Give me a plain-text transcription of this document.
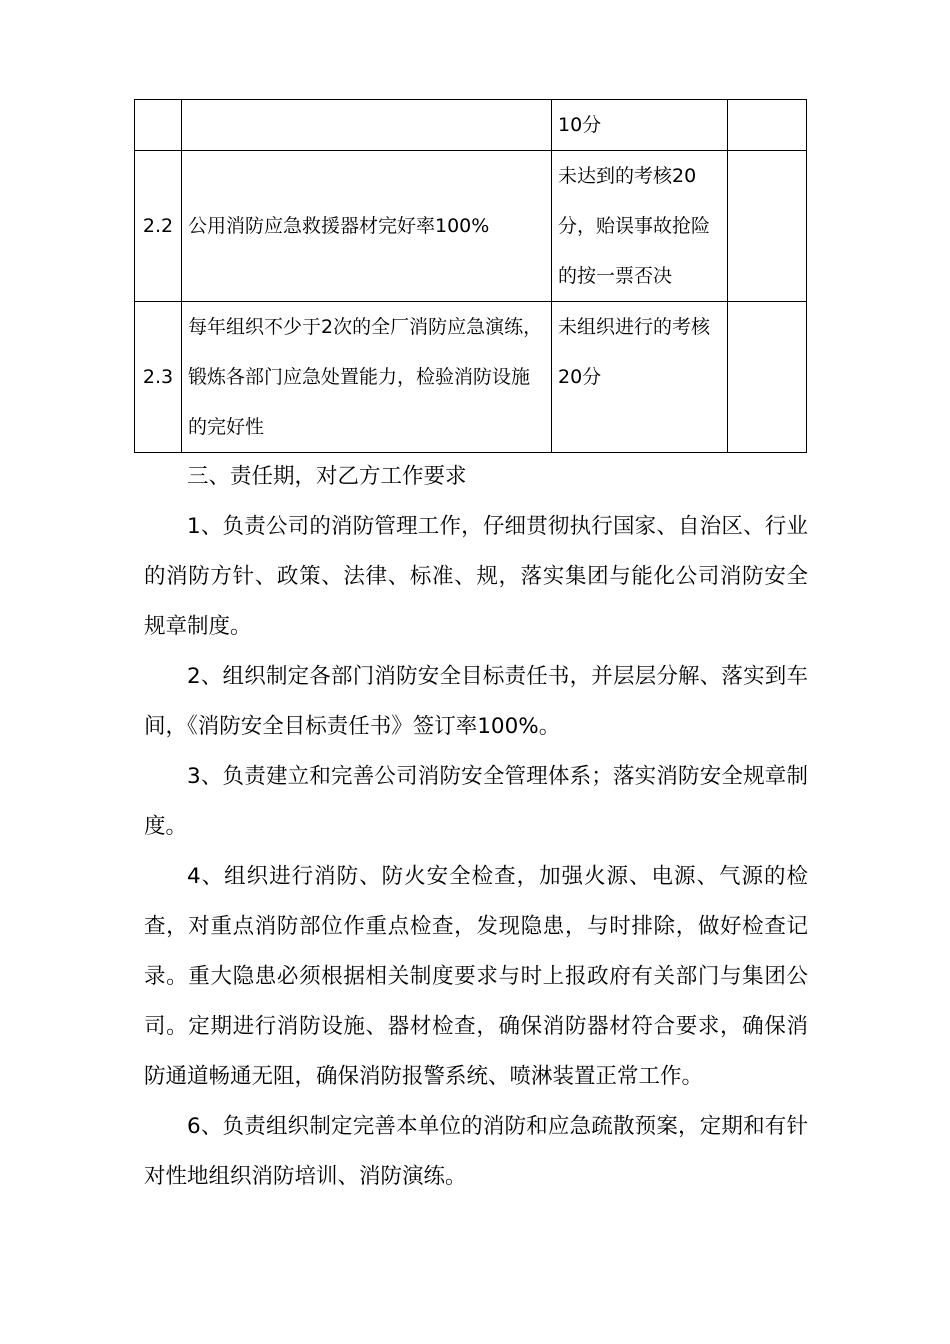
		10分	
2.2	公用消防应急救援器材完好率100%	未达到的考核20分，贻误事故抢险的按一票否决	
2.3	每年组织不少于2次的全厂消防应急演练，锻炼各部门应急处置能力，检验消防设施的完好性	未组织进行的考核20分	

三、责任期，对乙方工作要求

1、负责公司的消防管理工作，仔细贯彻执行国家、自治区、行业的消防方针、政策、法律、标准、规，落实集团与能化公司消防安全规章制度。

2、组织制定各部门消防安全目标责任书，并层层分解、落实到车间，《消防安全目标责任书》签订率100%。

3、负责建立和完善公司消防安全管理体系；落实消防安全规章制度。

4、组织进行消防、防火安全检查，加强火源、电源、气源的检查，对重点消防部位作重点检查，发现隐患，与时排除，做好检查记录。重大隐患必须根据相关制度要求与时上报政府有关部门与集团公司。定期进行消防设施、器材检查，确保消防器材符合要求，确保消防通道畅通无阻，确保消防报警系统、喷淋装置正常工作。

6、负责组织制定完善本单位的消防和应急疏散预案，定期和有针对性地组织消防培训、消防演练。
